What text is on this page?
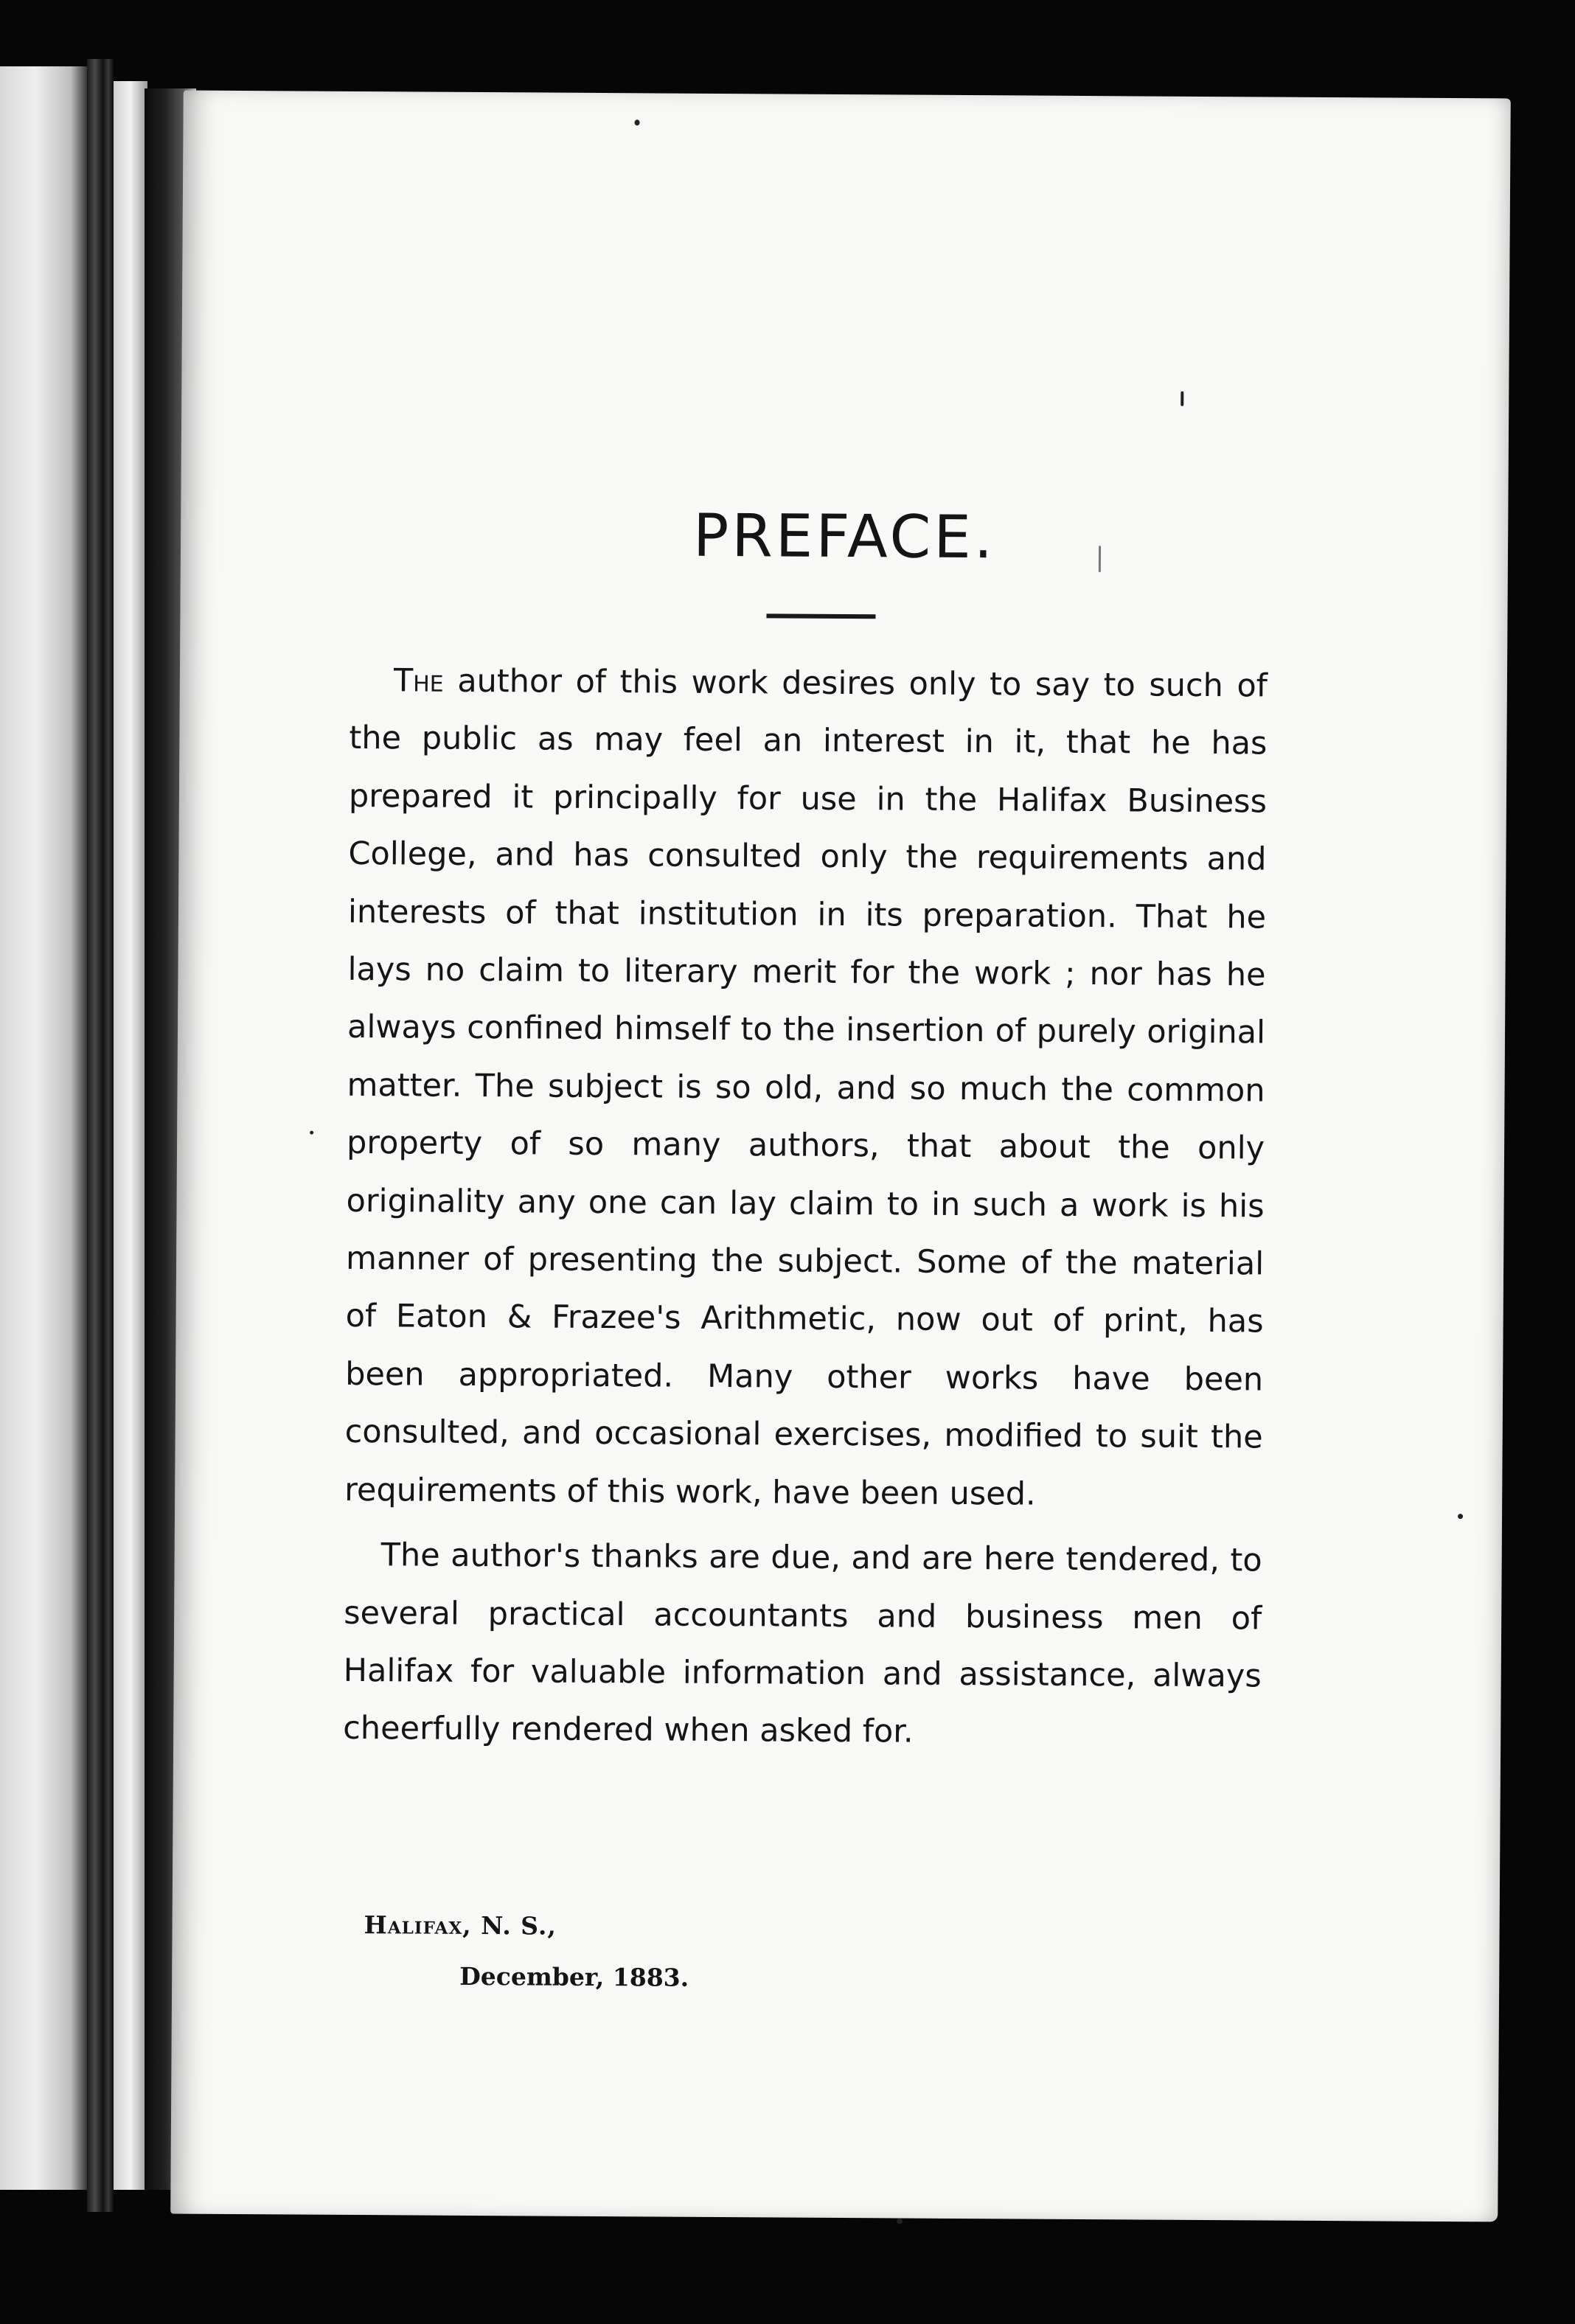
PREFACE.

The author of this work desires only to say to such of the public as may feel an interest in it, that he has prepared it principally for use in the Halifax Business College, and has consulted only the requirements and interests of that institution in its preparation. That he lays no claim to literary merit for the work ; nor has he always confined himself to the insertion of purely original matter. The subject is so old, and so much the common property of so many authors, that about the only originality any one can lay claim to in such a work is his manner of presenting the subject. Some of the material of Eaton & Frazee's Arithmetic, now out of print, has been appropriated. Many other works have been consulted, and occasional exercises, modified to suit the requirements of this work, have been used.

The author's thanks are due, and are here tendered, to several practical accountants and business men of Halifax for valuable information and assistance, always cheerfully rendered when asked for.

Halifax, N. S.,
December, 1883.
